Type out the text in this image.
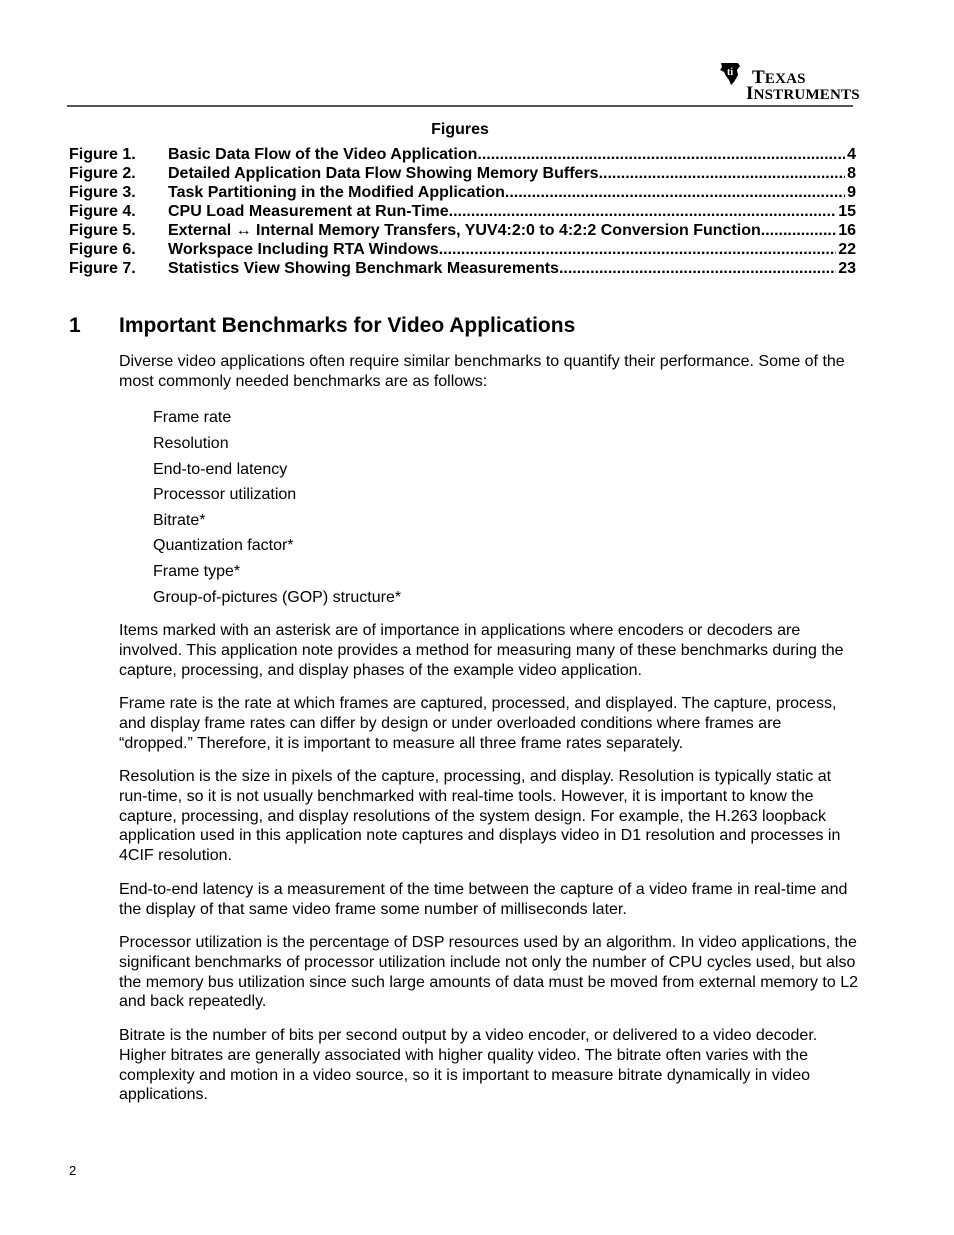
ti TEXAS
INSTRUMENTS
Figures
Figure 1. Basic Data Flow of the Video Application .....	4
Figure 2. Detailed Application Data Flow Showing Memory Buffers .....	8
Figure 3. Task Partitioning in the Modified Application .....	9
Figure 4. CPU Load Measurement at Run-Time .....	15
Figure 5. External ↔ Internal Memory Transfers, YUV4:2:0 to 4:2:2 Conversion Function .....	16
Figure 6. Workspace Including RTA Windows .....	22
Figure 7. Statistics View Showing Benchmark Measurements .....	23
1 Important Benchmarks for Video Applications

Diverse video applications often require similar benchmarks to quantify their performance. Some of the most commonly needed benchmarks are as follows:

Frame rate
Resolution
End-to-end latency
Processor utilization
Bitrate*
Quantization factor*
Frame type*
Group-of-pictures (GOP) structure*

Items marked with an asterisk are of importance in applications where encoders or decoders are involved. This application note provides a method for measuring many of these benchmarks during the capture, processing, and display phases of the example video application.

Frame rate is the rate at which frames are captured, processed, and displayed. The capture, process, and display frame rates can differ by design or under overloaded conditions where frames are “dropped.” Therefore, it is important to measure all three frame rates separately.

Resolution is the size in pixels of the capture, processing, and display. Resolution is typically static at run-time, so it is not usually benchmarked with real-time tools. However, it is important to know the capture, processing, and display resolutions of the system design. For example, the H.263 loopback application used in this application note captures and displays video in D1 resolution and processes in 4CIF resolution.

End-to-end latency is a measurement of the time between the capture of a video frame in real-time and the display of that same video frame some number of milliseconds later.

Processor utilization is the percentage of DSP resources used by an algorithm. In video applications, the significant benchmarks of processor utilization include not only the number of CPU cycles used, but also the memory bus utilization since such large amounts of data must be moved from external memory to L2 and back repeatedly.

Bitrate is the number of bits per second output by a video encoder, or delivered to a video decoder. Higher bitrates are generally associated with higher quality video. The bitrate often varies with the complexity and motion in a video source, so it is important to measure bitrate dynamically in video applications.

2
